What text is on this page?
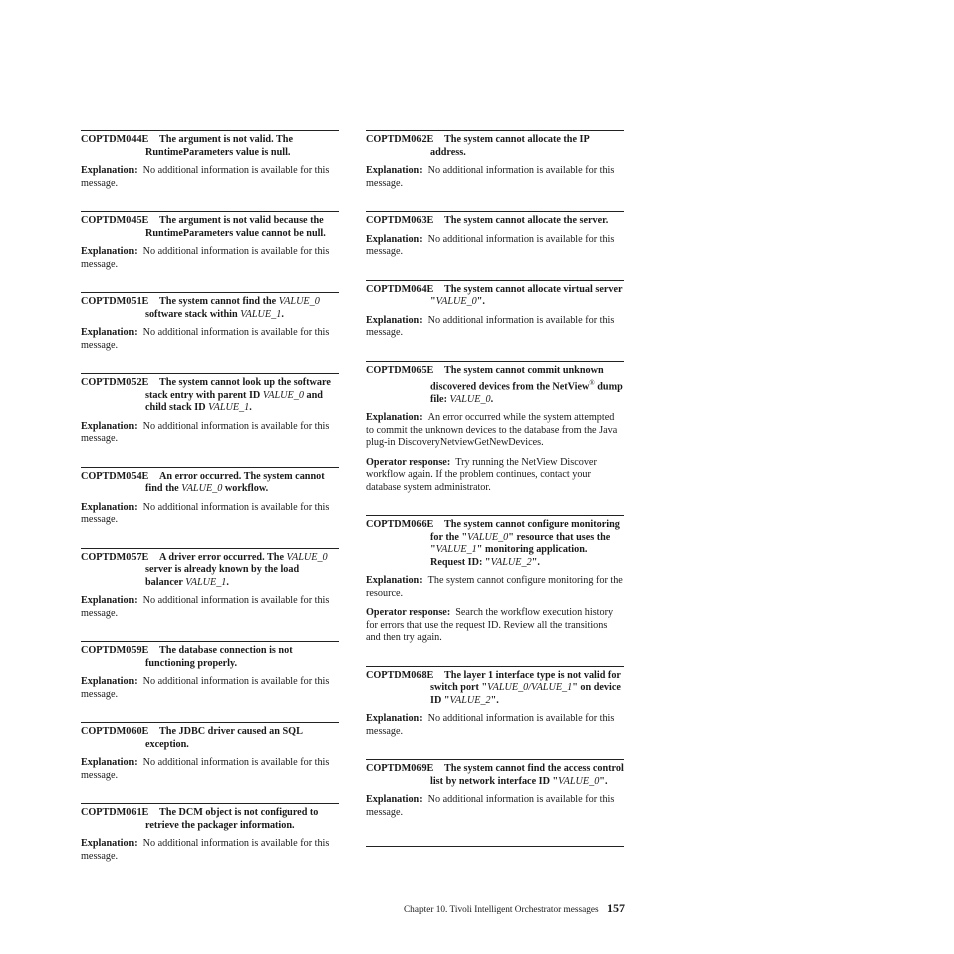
COPTDM044E	The argument is not valid. The RuntimeParameters value is null.
Explanation: No additional information is available for this message.
COPTDM045E	The argument is not valid because the RuntimeParameters value cannot be null.
Explanation: No additional information is available for this message.
COPTDM051E	The system cannot find the VALUE_0 software stack within VALUE_1.
Explanation: No additional information is available for this message.
COPTDM052E	The system cannot look up the software stack entry with parent ID VALUE_0 and child stack ID VALUE_1.
Explanation: No additional information is available for this message.
COPTDM054E	An error occurred. The system cannot find the VALUE_0 workflow.
Explanation: No additional information is available for this message.
COPTDM057E	A driver error occurred. The VALUE_0 server is already known by the load balancer VALUE_1.
Explanation: No additional information is available for this message.
COPTDM059E	The database connection is not functioning properly.
Explanation: No additional information is available for this message.
COPTDM060E	The JDBC driver caused an SQL exception.
Explanation: No additional information is available for this message.
COPTDM061E	The DCM object is not configured to retrieve the packager information.
Explanation: No additional information is available for this message.
COPTDM062E	The system cannot allocate the IP address.
Explanation: No additional information is available for this message.
COPTDM063E	The system cannot allocate the server.
Explanation: No additional information is available for this message.
COPTDM064E	The system cannot allocate virtual server "VALUE_0".
Explanation: No additional information is available for this message.
COPTDM065E	The system cannot commit unknown discovered devices from the NetView® dump file: VALUE_0.
Explanation: An error occurred while the system attempted to commit the unknown devices to the database from the Java plug-in DiscoveryNetviewGetNewDevices.
Operator response: Try running the NetView Discover workflow again. If the problem continues, contact your database system administrator.
COPTDM066E	The system cannot configure monitoring for the "VALUE_0" resource that uses the "VALUE_1" monitoring application. Request ID: "VALUE_2".
Explanation: The system cannot configure monitoring for the resource.
Operator response: Search the workflow execution history for errors that use the request ID. Review all the transitions and then try again.
COPTDM068E	The layer 1 interface type is not valid for switch port "VALUE_0/VALUE_1" on device ID "VALUE_2".
Explanation: No additional information is available for this message.
COPTDM069E	The system cannot find the access control list by network interface ID "VALUE_0".
Explanation: No additional information is available for this message.
Chapter 10. Tivoli Intelligent Orchestrator messages 157
